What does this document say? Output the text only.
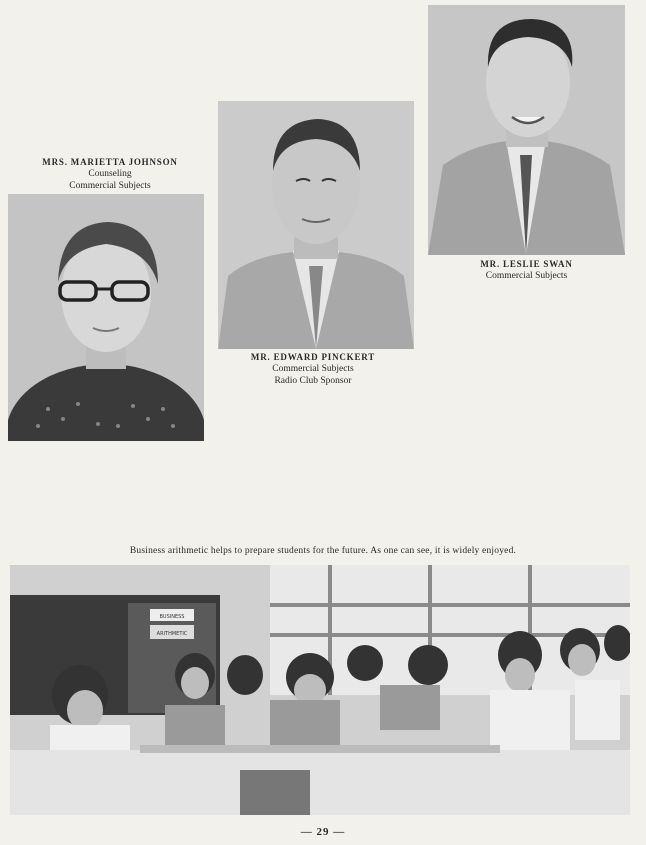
MRS. MARIETTA JOHNSON
Counseling
Commercial Subjects
MR. EDWARD PINCKERT
Commercial Subjects
Radio Club Sponsor
MR. LESLIE SWAN
Commercial Subjects
Business arithmetic helps to prepare students for the future. As one can see, it is widely enjoyed.
BUSINESS
ARITHMETIC
— 29 —
